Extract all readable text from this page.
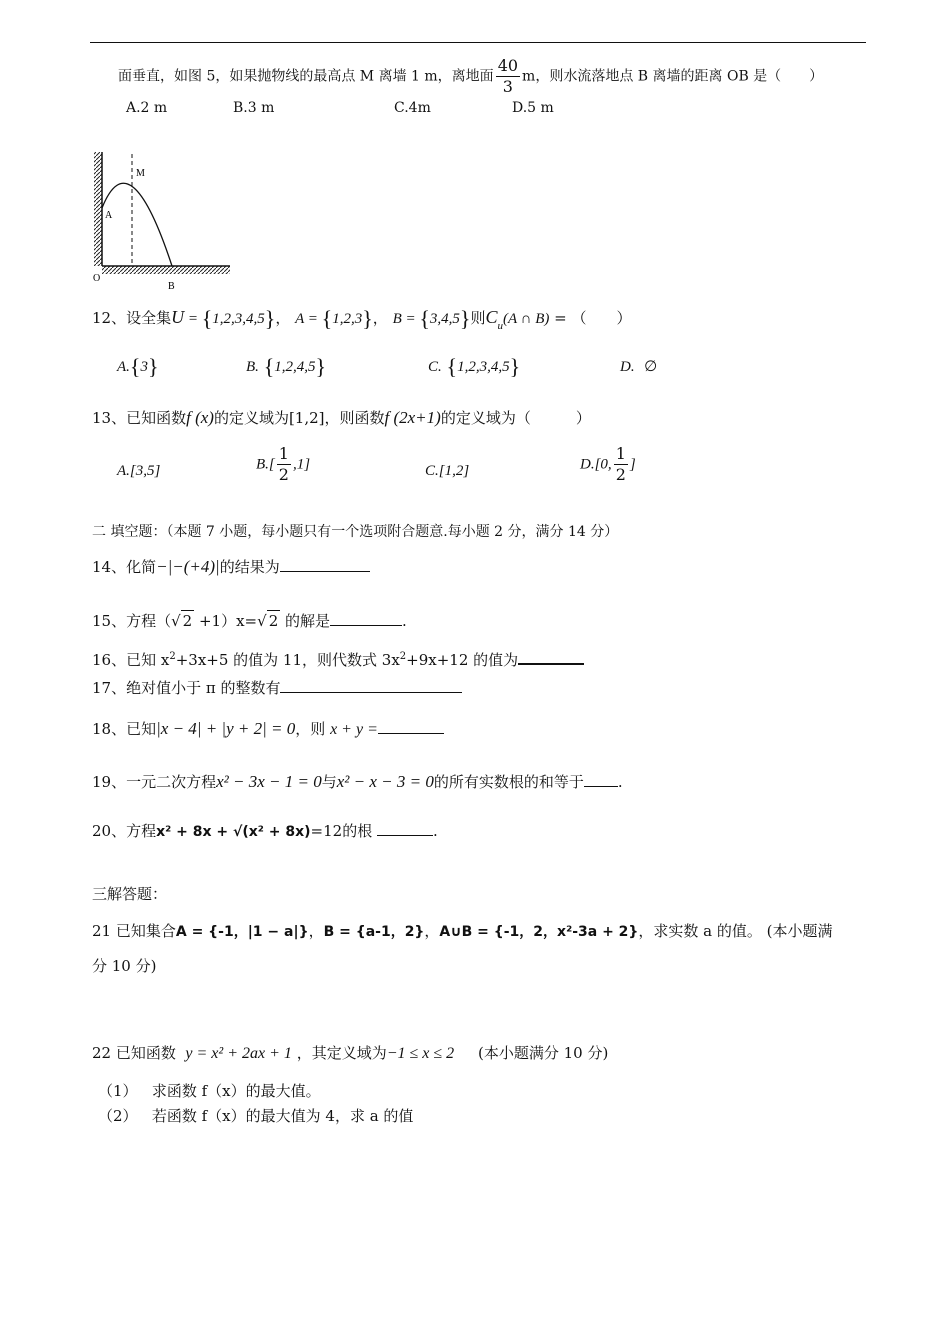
面垂直，如图 5，如果抛物线的最高点 M 离墙 1 m，离地面 $\frac{40}{3}$ m，则水流落地点 B 离墙的距离 OB 是（　　）
A.2 m	B.3 m	C.4m	D.5 m
M
A
O
B
12、设全集U = {1,2,3,4,5}， A = {1,2,3}， B = {3,4,5}则$C_u(A$ ∩ B) = （　　）
A.{3}	B. {1,2,4,5}	C. {1,2,3,4,5}	D. ∅
13、已知函数f (x)的定义域为[1,2]，则函数f (2x+1)的定义域为（　　　）
A.[3,5]	$B.[ \frac{1}{2} ,1]$	C.[1,2]	D.[0, $\frac{1}{2}$ ]
二 填空题：（本题 7 小题，每小题只有一个选项附合题意.每小题 2 分，满分 14 分）
14、化简−|−(+4)|的结果为
15、方程（√ 2 +1）x=√ 2 的解是	.
16、已知 $x^2+3x+5$ 的值为 11，则代数式 $3x^2+9x+12$ 的值为
17、绝对值小于 π 的整数有
18、已知|x − 4| + |y + 2| = 0，则 x + y =
19、一元二次方程x² − 3x − 1 = 0与x² − x − 3 = 0的所有实数根的和等于 .
20、方程x² + 8x + √(x² + 8x)=12的根	.
三解答题：
21 已知集合A = {-1，|1 − a|}，B = {a-1，2}，A∪B = {-1，2，x²-3a + 2}，求实数 a 的值。 (本小题满
分 10 分)
22 已知函数 y = x² + 2ax + 1 ，其定义域为−1 ≤ x ≤ 2 (本小题满分 10 分)
（1） 求函数 f（x）的最大值。
（2） 若函数 f（x）的最大值为 4，求 a 的值
